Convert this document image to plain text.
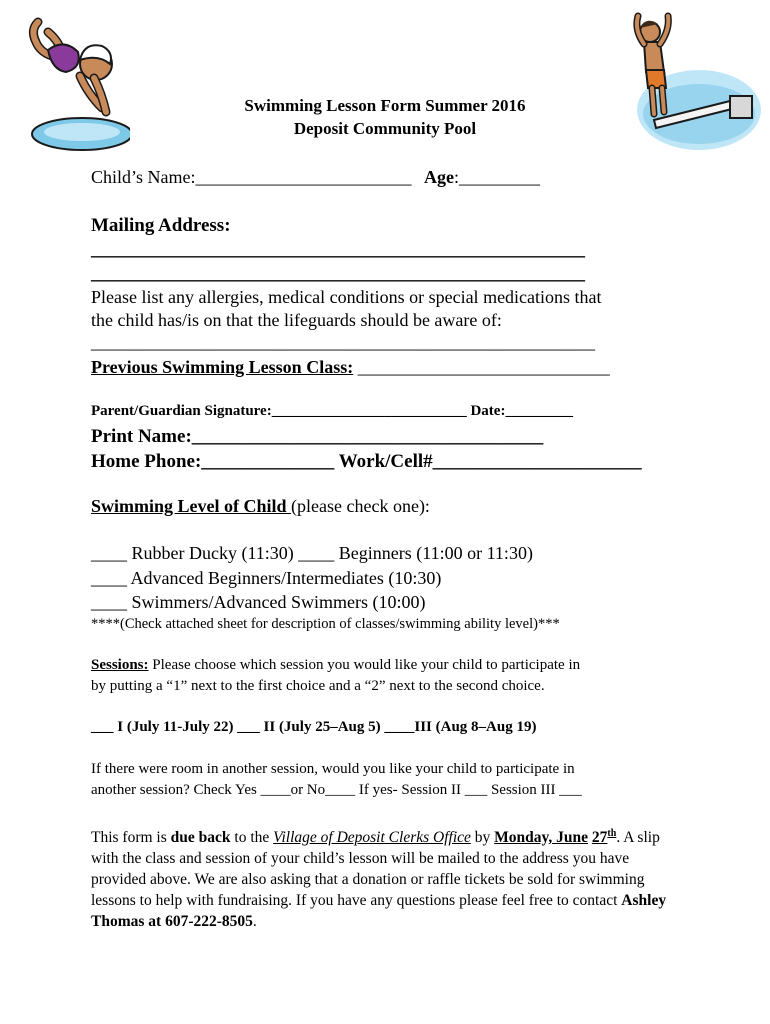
Swimming Lesson Form Summer 2016
Deposit Community Pool
Child’s Name:________________________ Age:_________
Mailing Address:
____________________________________________________
____________________________________________________
Please list any allergies, medical conditions or special medications that
the child has/is on that the lifeguards should be aware of:
________________________________________________________
Previous Swimming Lesson Class: ____________________________
Parent/Guardian Signature:__________________________ Date:_________
Print Name:_____________________________________
Home Phone:______________ Work/Cell#______________________
Swimming Level of Child (please check one):
____ Rubber Ducky (11:30) ____ Beginners (11:00 or 11:30)
____ Advanced Beginners/Intermediates (10:30)
____ Swimmers/Advanced Swimmers (10:00)
****(Check attached sheet for description of classes/swimming ability level)***
Sessions: Please choose which session you would like your child to participate in
by putting a “1” next to the first choice and a “2” next to the second choice.
___ I (July 11-July 22) ___ II (July 25–Aug 5) ____III (Aug 8–Aug 19)
If there were room in another session, would you like your child to participate in
another session? Check Yes ____or No____ If yes- Session II ___ Session III ___
This form is due back to the Village of Deposit Clerks Office by Monday, June 27th. A slip with the class and session of your child’s lesson will be mailed to the address you have provided above. We are also asking that a donation or raffle tickets be sold for swimming lessons to help with fundraising. If you have any questions please feel free to contact Ashley Thomas at 607-222-8505.
